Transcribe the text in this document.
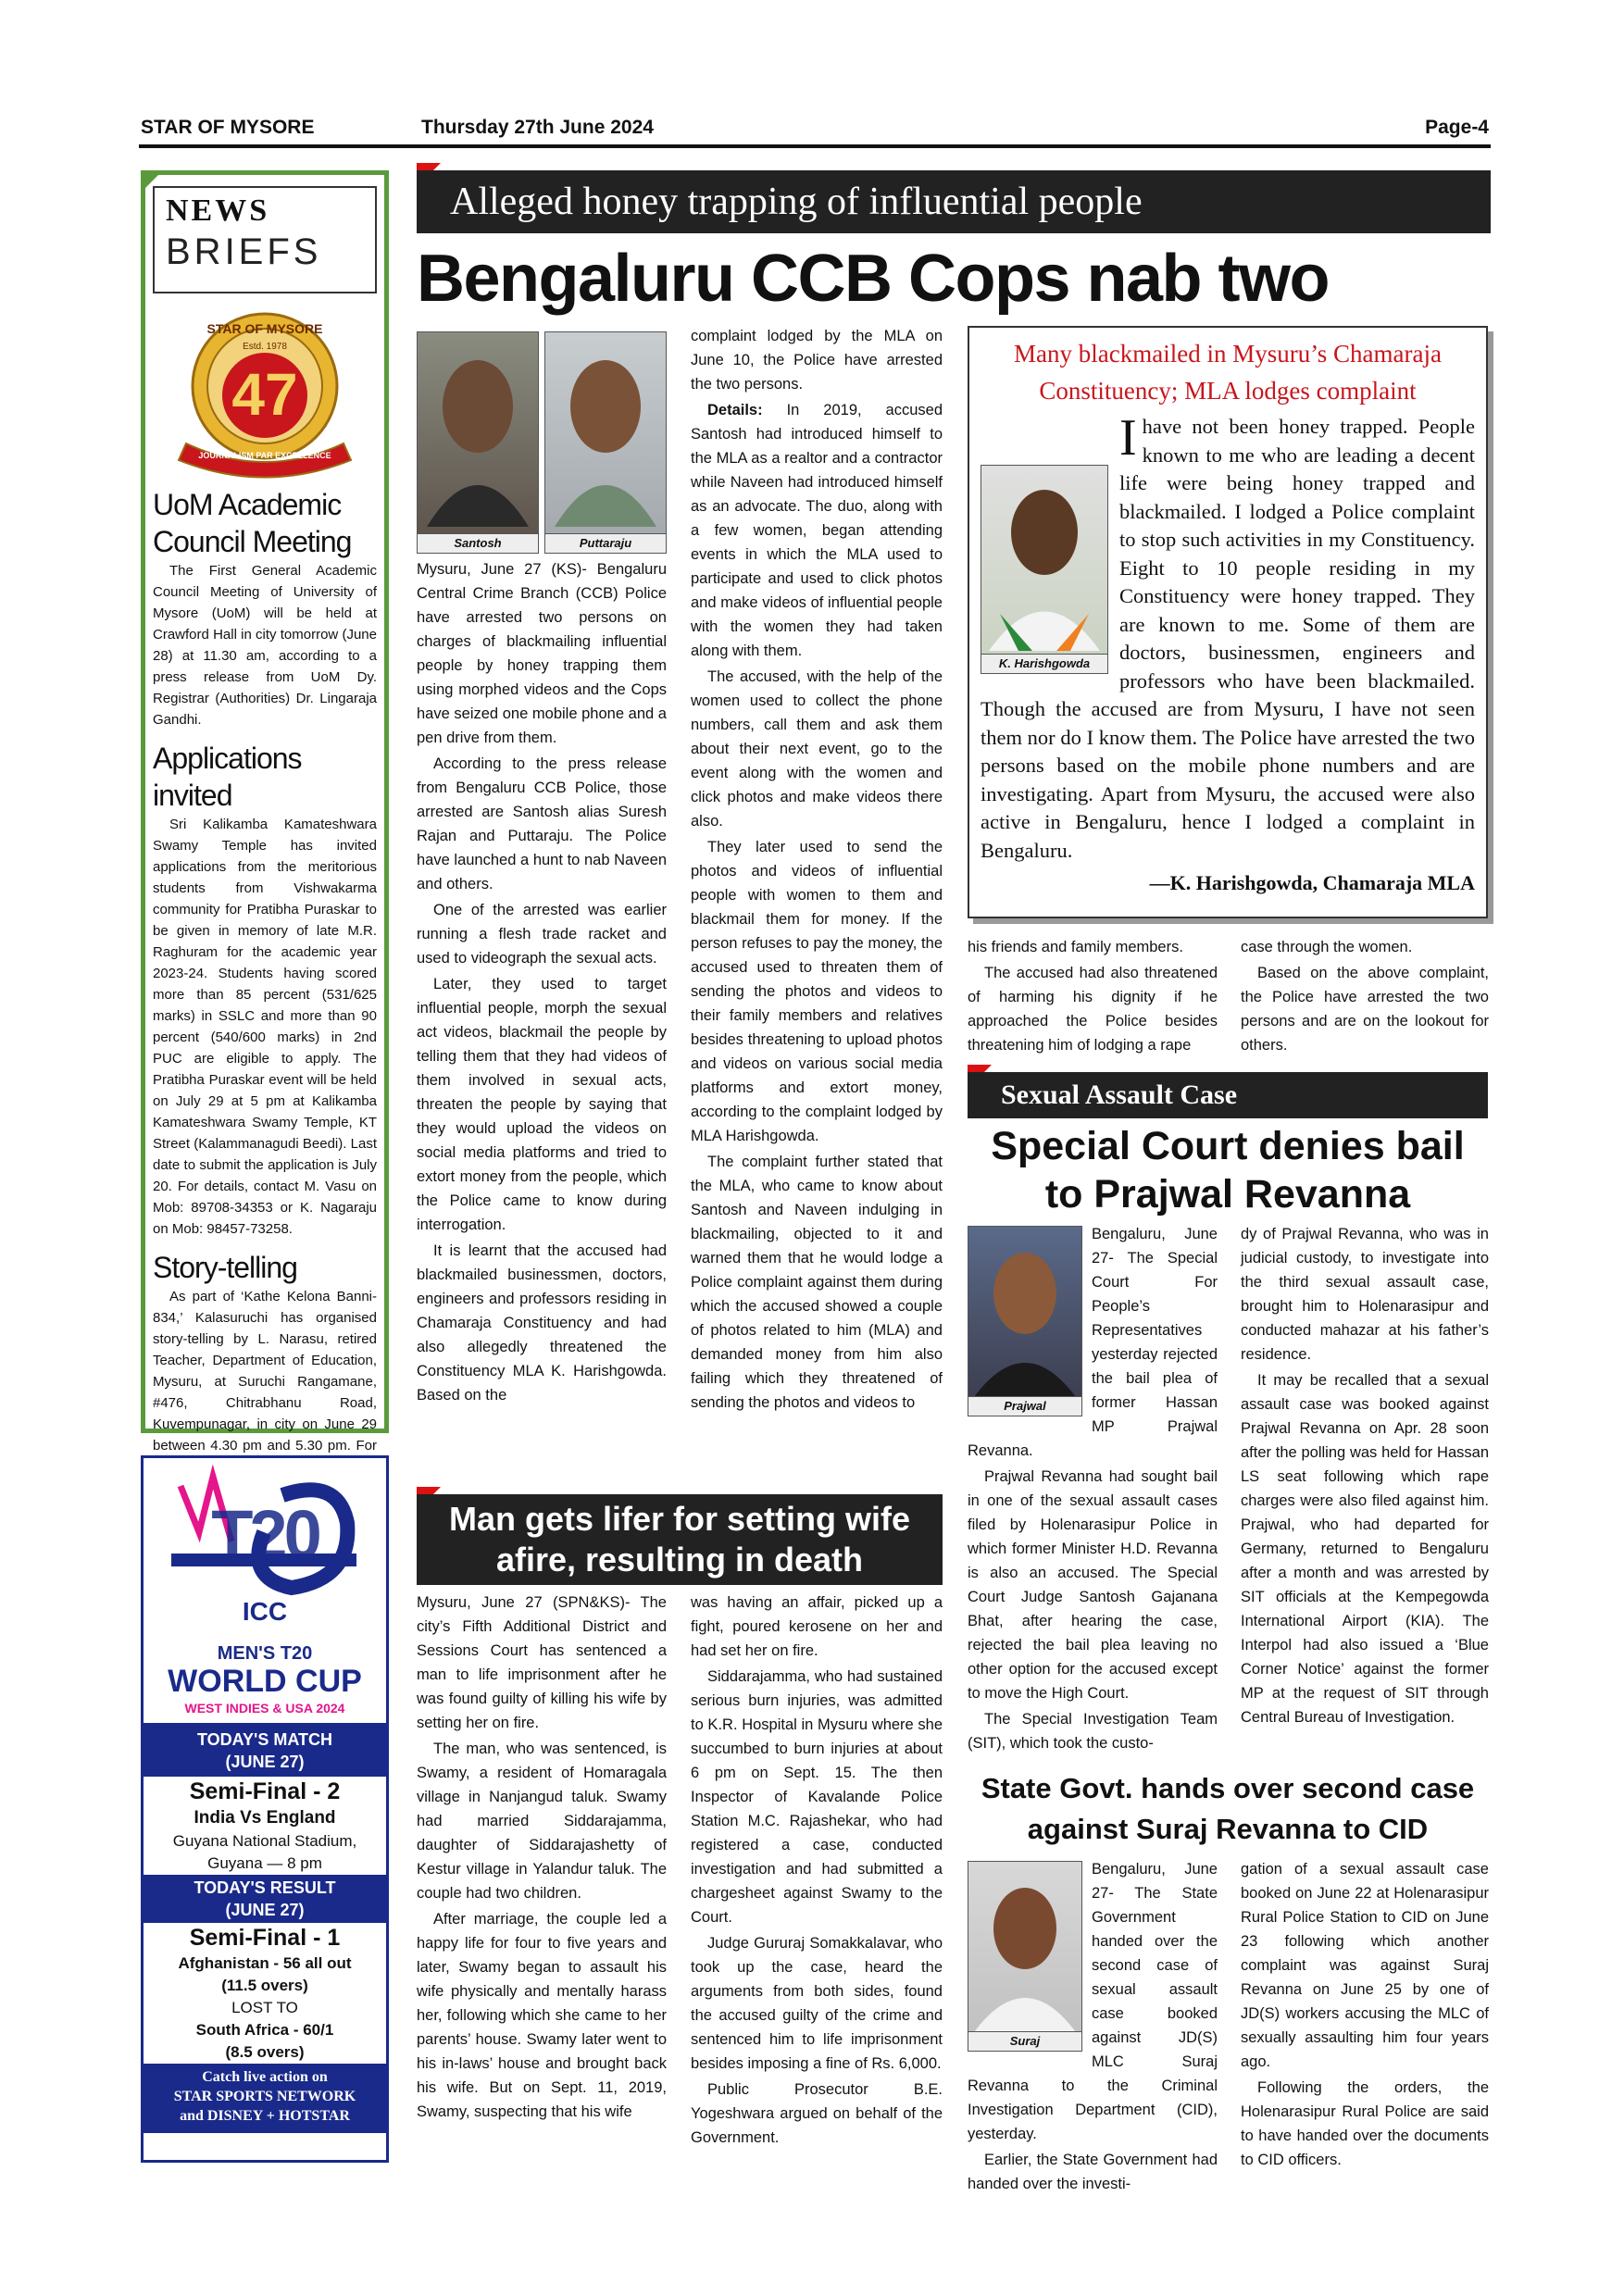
STAR OF MYSORE	Thursday 27th June 2024	Page-4
NEWS
BRIEFS
STAR OF MYSORE
Estd. 1978
47
JOURNALISM PAR EXCELLENCE
UoM Academic Council Meeting

The First General Academic Council Meeting of University of Mysore (UoM) will be held at Crawford Hall in city tomorrow (June 28) at 11.30 am, according to a press release from UoM Dy. Registrar (Authorities) Dr. Lingaraja Gandhi.

Applications invited

Sri Kalikamba Kamateshwara Swamy Temple has invited applications from the meritorious students from Vishwakarma community for Pratibha Puraskar to be given in memory of late M.R. Raghuram for the academic year 2023-24. Students having scored more than 85 percent (531/625 marks) in SSLC and more than 90 percent (540/600 marks) in 2nd PUC are eligible to apply. The Pratibha Puraskar event will be held on July 29 at 5 pm at Kalikamba Kamateshwara Swamy Temple, KT Street (Kalammanagudi Beedi). Last date to submit the application is July 20. For details, contact M. Vasu on Mob: 89708-34353 or K. Nagaraju on Mob: 98457-73258.

Story-telling

As part of ‘Kathe Kelona Banni-834,’ Kalasuruchi has organised story-telling by L. Narasu, retired Teacher, Department of Education, Mysuru, at Suruchi Rangamane, #476, Chitrabhanu Road, Kuvempunagar, in city on June 29 between 4.30 pm and 5.30 pm. For

T20
ICC
MEN'S T20
WORLD CUP
WEST INDIES & USA 2024
TODAY'S MATCH
(JUNE 27)
Semi-Final - 2
India Vs England
Guyana National Stadium,
Guyana — 8 pm
TODAY'S RESULT
(JUNE 27)
Semi-Final - 1
Afghanistan - 56 all out
(11.5 overs)
LOST TO
South Africa - 60/1
(8.5 overs)
Catch live action on
STAR SPORTS NETWORK
and DISNEY + HOTSTAR
Alleged honey trapping of influential people
Bengaluru CCB Cops nab two
Santosh	Puttaraju

Mysuru, June 27 (KS)- Bengaluru Central Crime Branch (CCB) Police have arrested two persons on charges of blackmailing influential people by honey trapping them using morphed videos and the Cops have seized one mobile phone and a pen drive from them.

According to the press release from Bengaluru CCB Police, those arrested are Santosh alias Suresh Rajan and Puttaraju. The Police have launched a hunt to nab Naveen and others.

One of the arrested was earlier running a flesh trade racket and used to videograph the sexual acts.

Later, they used to target influential people, morph the sexual act videos, blackmail the people by telling them that they had videos of them involved in sexual acts, threaten the people by saying that they would upload the videos on social media platforms and tried to extort money from the people, which the Police came to know during interrogation.

It is learnt that the accused had blackmailed businessmen, doctors, engineers and professors residing in Chamaraja Constituency and had also allegedly threatened the Constituency MLA K. Harishgowda. Based on the

complaint lodged by the MLA on June 10, the Police have arrested the two persons.

Details: In 2019, accused Santosh had introduced himself to the MLA as a realtor and a contractor while Naveen had introduced himself as an advocate. The duo, along with a few women, began attending events in which the MLA used to participate and used to click photos and make videos of influential people with the women they had taken along with them.

The accused, with the help of the women used to collect the phone numbers, call them and ask them about their next event, go to the event along with the women and click photos and make videos there also.

They later used to send the photos and videos of influential people with women to them and blackmail them for money. If the person refuses to pay the money, the accused used to threaten them of sending the photos and videos to their family members and relatives besides threatening to upload photos and videos on various social media platforms and extort money, according to the complaint lodged by MLA Harishgowda.

The complaint further stated that the MLA, who came to know about Santosh and Naveen indulging in blackmailing, objected to it and warned them that he would lodge a Police complaint against them during which the accused showed a couple of photos related to him (MLA) and demanded money from him also failing which they threatened of sending the photos and videos to

Many blackmailed in Mysuru’s Chamaraja Constituency; MLA lodges complaint
K. Harishgowda
Ihave not been honey trapped. People known to me who are leading a decent life were being honey trapped and blackmailed. I lodged a Police complaint to stop such activities in my Constituency. Eight to 10 people residing in my Constituency were honey trapped. They are known to me. Some of them are doctors, businessmen, engineers and professors who have been blackmailed. Though the accused are from Mysuru, I have not seen them nor do I know them. The Police have arrested the two persons based on the mobile phone numbers and are investigating. Apart from Mysuru, the accused were also active in Bengaluru, hence I lodged a complaint in Bengaluru.
—K. Harishgowda, Chamaraja MLA

his friends and family members.

The accused had also threatened of harming his dignity if he approached the Police besides threatening him of lodging a rape

case through the women.

Based on the above complaint, the Police have arrested the two persons and are on the lookout for others.

Man gets lifer for setting wife afire, resulting in death

Mysuru, June 27 (SPN&KS)- The city’s Fifth Additional District and Sessions Court has sentenced a man to life imprisonment after he was found guilty of killing his wife by setting her on fire.

The man, who was sentenced, is Swamy, a resident of Homaragala village in Nanjangud taluk. Swamy had married Siddarajamma, daughter of Siddarajashetty of Kestur village in Yalandur taluk. The couple had two children.

After marriage, the couple led a happy life for four to five years and later, Swamy began to assault his wife physically and mentally harass her, following which she came to her parents’ house. Swamy later went to his in-laws’ house and brought back his wife. But on Sept. 11, 2019, Swamy, suspecting that his wife

was having an affair, picked up a fight, poured kerosene on her and had set her on fire.

Siddarajamma, who had sustained serious burn injuries, was admitted to K.R. Hospital in Mysuru where she succumbed to burn injuries at about 6 pm on Sept. 15. The then Inspector of Kavalande Police Station M.C. Rajashekar, who had registered a case, conducted investigation and had submitted a chargesheet against Swamy to the Court.

Judge Gururaj Somakkalavar, who took up the case, heard the arguments from both sides, found the accused guilty of the crime and sentenced him to life imprisonment besides imposing a fine of Rs. 6,000.

Public Prosecutor B.E. Yogeshwara argued on behalf of the Government.

Sexual Assault Case
Special Court denies bail
to Prajwal Revanna
Prajwal

Bengaluru, June 27- The Special Court For People’s Representatives yesterday rejected the bail plea of former Hassan MP Prajwal Revanna.

Prajwal Revanna had sought bail in one of the sexual assault cases filed by Holenarasipur Police in which former Minister H.D. Revanna is also an accused. The Special Court Judge Santosh Gajanana Bhat, after hearing the case, rejected the bail plea leaving no other option for the accused except to move the High Court.

The Special Investigation Team (SIT), which took the custo-

dy of Prajwal Revanna, who was in judicial custody, to investigate into the third sexual assault case, brought him to Holenarasipur and conducted mahazar at his father’s residence.

It may be recalled that a sexual assault case was booked against Prajwal Revanna on Apr. 28 soon after the polling was held for Hassan LS seat following which rape charges were also filed against him. Prajwal, who had departed for Germany, returned to Bengaluru after a month and was arrested by SIT officials at the Kempegowda International Airport (KIA). The Interpol had also issued a ‘Blue Corner Notice’ against the former MP at the request of SIT through Central Bureau of Investigation.

State Govt. hands over second case
against Suraj Revanna to CID
Suraj

Bengaluru, June 27- The State Government handed over the second case of sexual assault case booked against JD(S) MLC Suraj Revanna to the Criminal Investigation Department (CID), yesterday.

Earlier, the State Government had handed over the investi-

gation of a sexual assault case booked on June 22 at Holenarasipur Rural Police Station to CID on June 23 following which another complaint was against Suraj Revanna on June 25 by one of JD(S) workers accusing the MLC of sexually assaulting him four years ago.

Following the orders, the Holenarasipur Rural Police are said to have handed over the documents to CID officers.
